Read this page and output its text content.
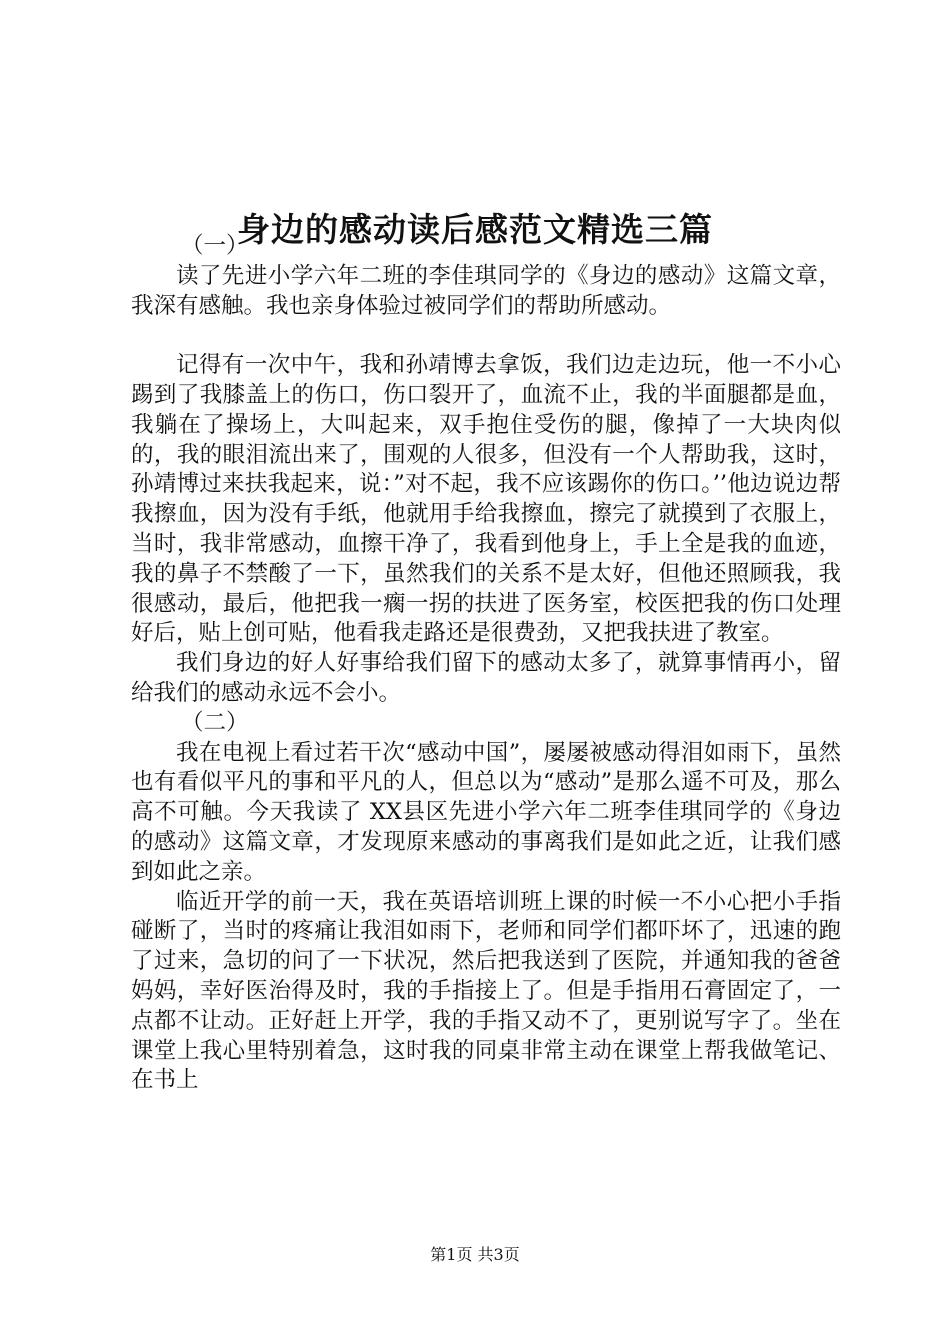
身边的感动读后感范文精选三篇

（一）

读了先进小学六年二班的李佳琪同学的《身边的感动》这篇文章，我深有感触。我也亲身体验过被同学们的帮助所感动。

记得有一次中午，我和孙靖博去拿饭，我们边走边玩，他一不小心踢到了我膝盖上的伤口，伤口裂开了，血流不止，我的半面腿都是血，我躺在了操场上，大叫起来，双手抱住受伤的腿，像掉了一大块肉似的，我的眼泪流出来了，围观的人很多，但没有一个人帮助我，这时，孙靖博过来扶我起来，说：”对不起，我不应该踢你的伤口。’’他边说边帮我擦血，因为没有手纸，他就用手给我擦血，擦完了就摸到了衣服上，当时，我非常感动，血擦干净了，我看到他身上，手上全是我的血迹，我的鼻子不禁酸了一下，虽然我们的关系不是太好，但他还照顾我，我很感动，最后，他把我一瘸一拐的扶进了医务室，校医把我的伤口处理好后，贴上创可贴，他看我走路还是很费劲，又把我扶进了教室。

我们身边的好人好事给我们留下的感动太多了，就算事情再小，留给我们的感动永远不会小。

（二）

我在电视上看过若干次“感动中国”，屡屡被感动得泪如雨下，虽然也有看似平凡的事和平凡的人，但总以为“感动”是那么遥不可及，那么高不可触。今天我读了 XX县区先进小学六年二班李佳琪同学的《身边的感动》这篇文章，才发现原来感动的事离我们是如此之近，让我们感到如此之亲。

临近开学的前一天，我在英语培训班上课的时候一不小心把小手指碰断了，当时的疼痛让我泪如雨下，老师和同学们都吓坏了，迅速的跑了过来，急切的问了一下状况，然后把我送到了医院，并通知我的爸爸妈妈，幸好医治得及时，我的手指接上了。但是手指用石膏固定了，一点都不让动。正好赶上开学，我的手指又动不了，更别说写字了。坐在课堂上我心里特别着急，这时我的同桌非常主动在课堂上帮我做笔记、在书上

第1页 共3页
